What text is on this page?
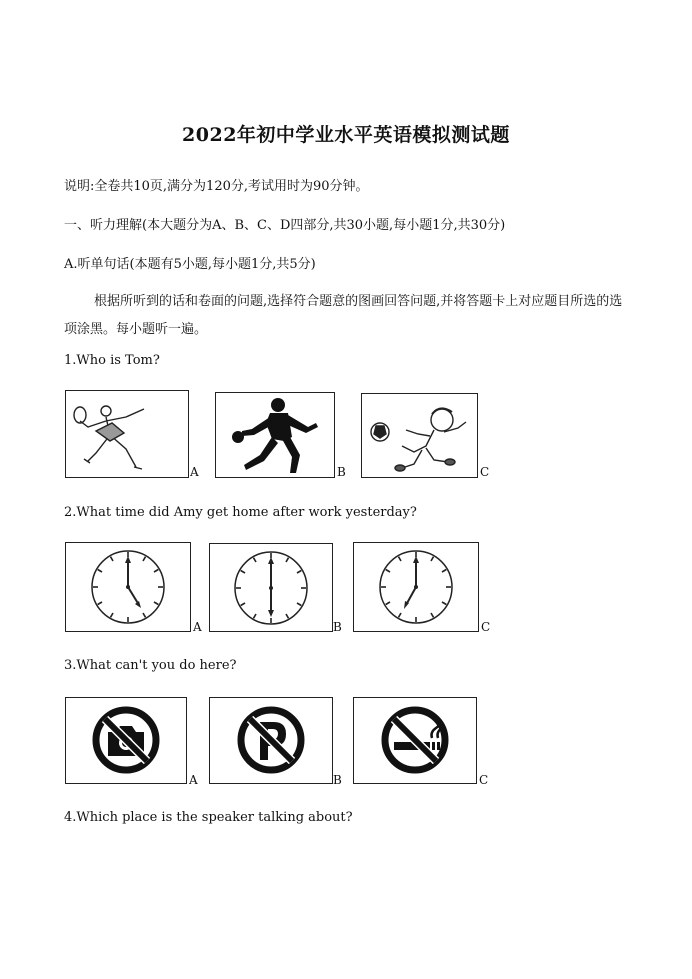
2022年初中学业水平英语模拟测试题
说明:全卷共10页,满分为120分,考试用时为90分钟。
一、听力理解(本大题分为A、B、C、D四部分,共30小题,每小题1分,共30分)
A.听单句话(本题有5小题,每小题1分,共5分)
根据所听到的话和卷面的问题,选择符合题意的图画回答问题,并将答题卡上对应题目所选的选项涂黑。每小题听一遍。
1.Who is Tom?
A	B	C
2.What time did Amy get home after work yesterday?
A	B	C
3.What can't you do here?
A	B	C
4.Which place is the speaker talking about?
